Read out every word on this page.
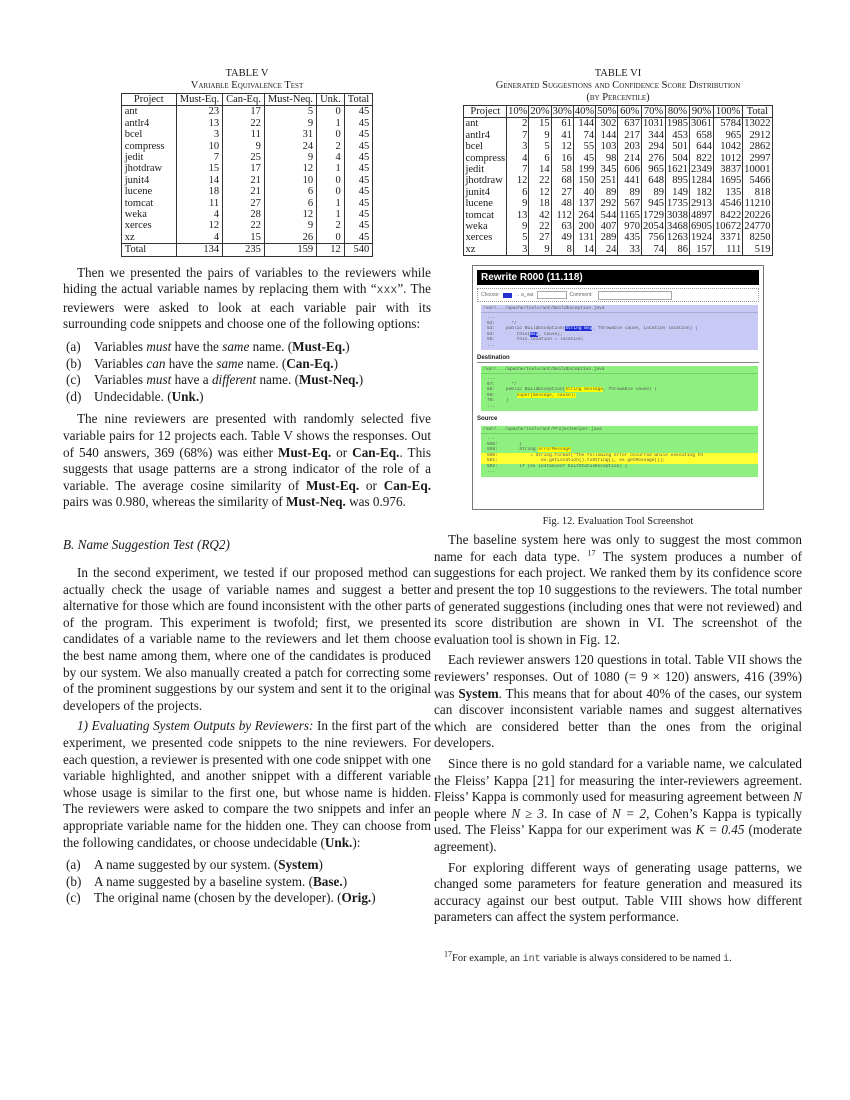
TABLE V
Variable Equivalence Test
Project	Must-Eq.	Can-Eq.	Must-Neq.	Unk.	Total
ant	23	17	5	0	45
antlr4	13	22	9	1	45
bcel	3	11	31	0	45
compress	10	9	24	2	45
jedit	7	25	9	4	45
jhotdraw	15	17	12	1	45
junit4	14	21	10	0	45
lucene	18	21	6	0	45
tomcat	11	27	6	1	45
weka	4	28	12	1	45
xerces	12	22	9	2	45
xz	4	15	26	0	45
Total	134	235	159	12	540

Then we presented the pairs of variables to the reviewers while hiding the actual variable names by replacing them with “xxx”. The reviewers were asked to look at each variable pair with its surrounding code snippets and choose one of the following options:

(a) Variables must have the same name. (Must-Eq.)
(b) Variables can have the same name. (Can-Eq.)
(c) Variables must have a different name. (Must-Neq.)
(d) Undecidable. (Unk.)

The nine reviewers are presented with randomly selected five variable pairs for 12 projects each. Table V shows the responses. Out of 540 answers, 369 (68%) was either Must-Eq. or Can-Eq.. This suggests that usage patterns are a strong indicator of the role of a variable. The average cosine similarity of Must-Eq. or Can-Eq. pairs was 0.980, whereas the similarity of Must-Neq. was 0.976.

B. Name Suggestion Test (RQ2)

In the second experiment, we tested if our proposed method can actually check the usage of variable names and suggest a better alternative for those which are found inconsistent with the other parts of the program. This experiment is twofold; first, we presented candidates of a variable name to the reviewers and let them choose the best name among them, where one of the candidates is produced by our system. We also manually created a patch for correcting some of the prominent suggestions by our system and sent it to the original developers of the projects.

1) Evaluating System Outputs by Reviewers: In the first part of the experiment, we presented code snippets to the nine reviewers. For each question, a reviewer is presented with one code snippet with one variable highlighted, and another snippet with a different variable whose usage is similar to the first one, but whose name is hidden. The reviewers were asked to compare the two snippets and infer an appropriate variable name for the hidden one. They can choose from the following candidates, or choose undecidable (Unk.):

(a) A name suggested by our system. (System)
(b) A name suggested by a baseline system. (Base.)
(c) The original name (chosen by the developer). (Orig.)
TABLE VI
Generated Suggestions and Confidence Score Distribution
(by Percentile)
Project	10%	20%	30%	40%	50%	60%	70%	80%	90%	100%	Total
ant	2	15	61	144	302	637	1031	1985	3061	5784	13022
antlr4	7	9	41	74	144	217	344	453	658	965	2912
bcel	3	5	12	55	103	203	294	501	644	1042	2862
compress	4	6	16	45	98	214	276	504	822	1012	2997
jedit	7	14	58	199	345	606	965	1621	2349	3837	10001
jhotdraw	12	22	68	150	251	441	648	895	1284	1695	5466
junit4	6	12	27	40	89	89	89	149	182	135	818
lucene	9	18	48	137	292	567	945	1735	2913	4546	11210
tomcat	13	42	112	264	544	1165	1729	3038	4897	8422	20226
weka	9	22	63	200	407	970	2054	3468	6905	10672	24770
xerces	5	27	49	131	289	435	756	1263	1924	3371	8250
xz	3	9	8	14	24	33	74	86	157	111	519
Rewrite R000 (11.118)
Choose:	→ a_var	Comment:
/var/.../apache/tools/ant/BuildException.java
...
52:      */
53:    public BuildException(String msg, Throwable cause, Location location) {
54:        this(msg, cause);
55:        this.location = location;
...
Destination
/var/.../apache/tools/ant/BuildException.java
...
67:      */
68:    public BuildException(String message, Throwable cause) {
69:        super(message, cause);
70:    }
...
Source
/var/.../apache/tools/ant/ProjectHelper.java
...
558:        }
559:        String errorMessage
560:            = String.format("The following error occurred while executing th
561:                ex.getLocation().toString(), ex.getMessage());
562:        if (ex instanceof ExitStatusException) {
...
Fig. 12. Evaluation Tool Screenshot

The baseline system here was only to suggest the most common name for each data type. $^{17}$ The system produces a number of suggestions for each project. We ranked them by its confidence score and present the top 10 suggestions to the reviewers. The total number of generated suggestions (including ones that were not reviewed) and its score distribution are shown in VI. The screenshot of the evaluation tool is shown in Fig. 12.

Each reviewer answers 120 questions in total. Table VII shows the reviewers’ responses. Out of 1080 (= 9 × 120) answers, 416 (39%) was System. This means that for about 40% of the cases, our system can discover inconsistent variable names and suggest alternatives which are considered better than the ones from the original developers.

Since there is no gold standard for a variable name, we calculated the Fleiss’ Kappa [21] for measuring the inter-reviewers agreement. Fleiss’ Kappa is commonly used for measuring agreement between N people where N ≥ 3. In case of N = 2, Cohen’s Kappa is typically used. The Fleiss’ Kappa for our experiment was K = 0.45 (moderate agreement).

For exploring different ways of generating usage patterns, we changed some parameters for feature generation and measured its accuracy against our best output. Table VIII shows how different parameters can affect the system performance.

$^{17}$For example, an int variable is always considered to be named i.
